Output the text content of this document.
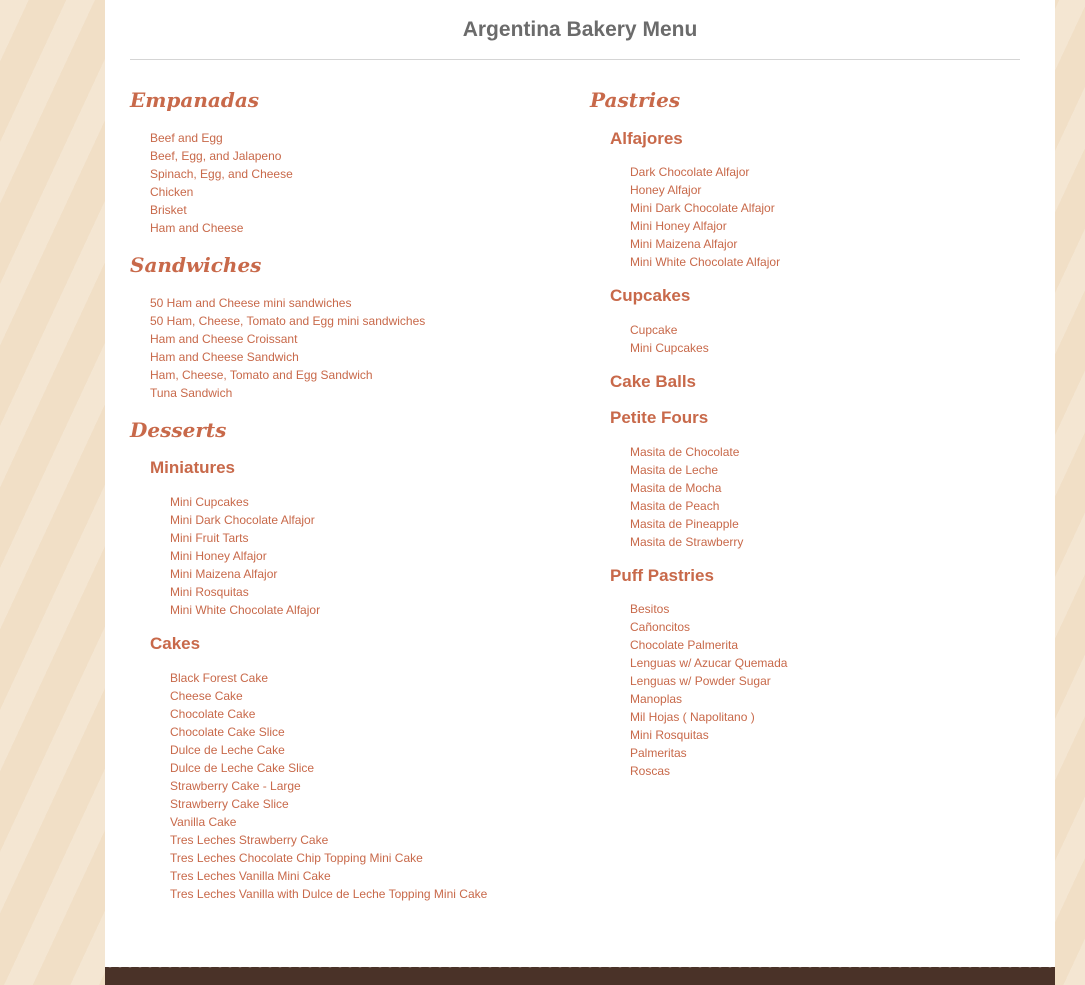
Argentina Bakery Menu
Empanadas
Beef and Egg
Beef, Egg, and Jalapeno
Spinach, Egg, and Cheese
Chicken
Brisket
Ham and Cheese
Sandwiches
50 Ham and Cheese mini sandwiches
50 Ham, Cheese, Tomato and Egg mini sandwiches
Ham and Cheese Croissant
Ham and Cheese Sandwich
Ham, Cheese, Tomato and Egg Sandwich
Tuna Sandwich
Desserts
Miniatures
Mini Cupcakes
Mini Dark Chocolate Alfajor
Mini Fruit Tarts
Mini Honey Alfajor
Mini Maizena Alfajor
Mini Rosquitas
Mini White Chocolate Alfajor
Cakes
Black Forest Cake
Cheese Cake
Chocolate Cake
Chocolate Cake Slice
Dulce de Leche Cake
Dulce de Leche Cake Slice
Strawberry Cake - Large
Strawberry Cake Slice
Vanilla Cake
Tres Leches Strawberry Cake
Tres Leches Chocolate Chip Topping Mini Cake
Tres Leches Vanilla Mini Cake
Tres Leches Vanilla with Dulce de Leche Topping Mini Cake
Pastries
Alfajores
Dark Chocolate Alfajor
Honey Alfajor
Mini Dark Chocolate Alfajor
Mini Honey Alfajor
Mini Maizena Alfajor
Mini White Chocolate Alfajor
Cupcakes
Cupcake
Mini Cupcakes
Cake Balls
Petite Fours
Masita de Chocolate
Masita de Leche
Masita de Mocha
Masita de Peach
Masita de Pineapple
Masita de Strawberry
Puff Pastries
Besitos
Cañoncitos
Chocolate Palmerita
Lenguas w/ Azucar Quemada
Lenguas w/ Powder Sugar
Manoplas
Mil Hojas ( Napolitano )
Mini Rosquitas
Palmeritas
Roscas
